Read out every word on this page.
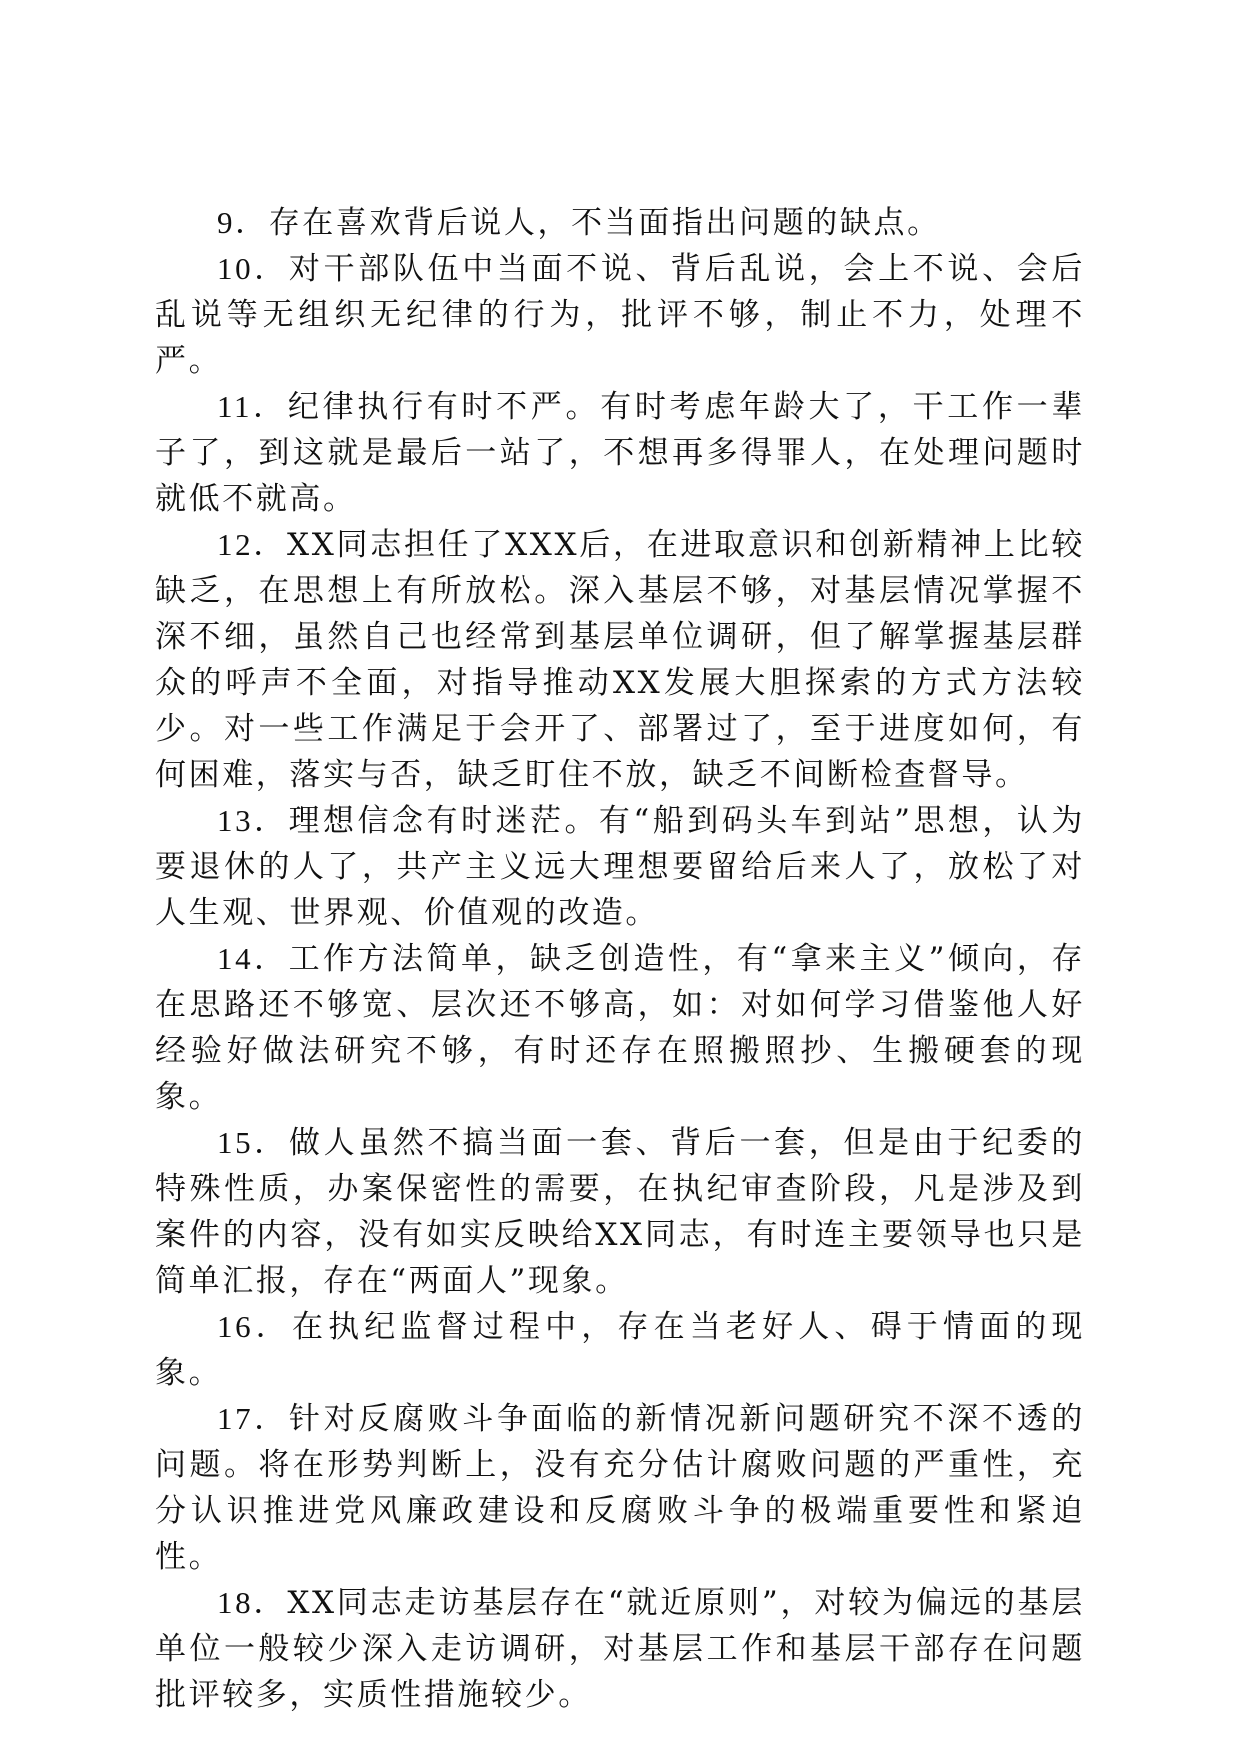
9．存在喜欢背后说人，不当面指出问题的缺点。

10．对干部队伍中当面不说、背后乱说，会上不说、会后乱说等无组织无纪律的行为，批评不够，制止不力，处理不严。

11．纪律执行有时不严。有时考虑年龄大了，干工作一辈子了，到这就是最后一站了，不想再多得罪人，在处理问题时就低不就高。

12．XX同志担任了XXX后，在进取意识和创新精神上比较缺乏，在思想上有所放松。深入基层不够，对基层情况掌握不深不细，虽然自己也经常到基层单位调研，但了解掌握基层群众的呼声不全面，对指导推动XX发展大胆探索的方式方法较少。对一些工作满足于会开了、部署过了，至于进度如何，有何困难，落实与否，缺乏盯住不放，缺乏不间断检查督导。

13．理想信念有时迷茫。有“船到码头车到站”思想，认为要退休的人了，共产主义远大理想要留给后来人了，放松了对人生观、世界观、价值观的改造。

14．工作方法简单，缺乏创造性，有“拿来主义”倾向，存在思路还不够宽、层次还不够高，如：对如何学习借鉴他人好经验好做法研究不够，有时还存在照搬照抄、生搬硬套的现象。

15．做人虽然不搞当面一套、背后一套，但是由于纪委的特殊性质，办案保密性的需要，在执纪审查阶段，凡是涉及到案件的内容，没有如实反映给XX同志，有时连主要领导也只是简单汇报，存在“两面人”现象。

16．在执纪监督过程中，存在当老好人、碍于情面的现象。

17．针对反腐败斗争面临的新情况新问题研究不深不透的问题。将在形势判断上，没有充分估计腐败问题的严重性，充分认识推进党风廉政建设和反腐败斗争的极端重要性和紧迫性。

18．XX同志走访基层存在“就近原则”，对较为偏远的基层单位一般较少深入走访调研，对基层工作和基层干部存在问题批评较多，实质性措施较少。
